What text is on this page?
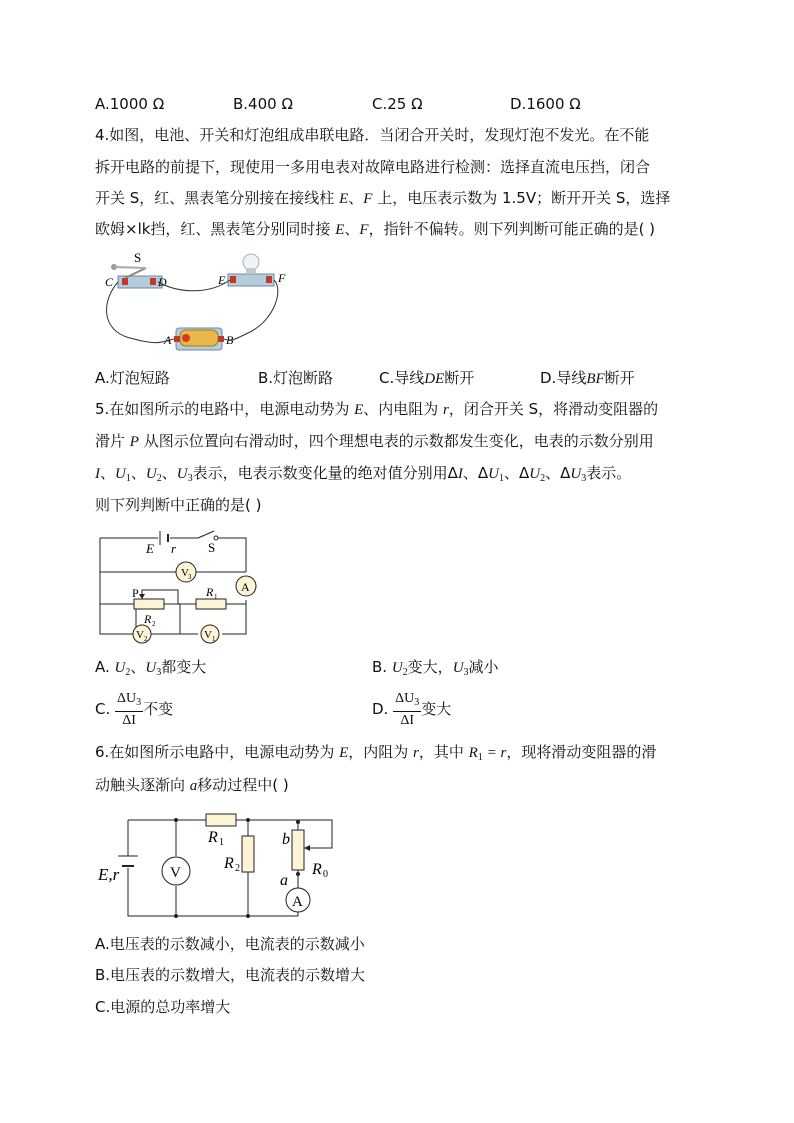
A.1000 Ω	B.400 Ω	C.25 Ω	D.1600 Ω
4.如图，电池、开关和灯泡组成串联电路．当闭合开关时，发现灯泡不发光。在不能
拆开电路的前提下，现使用一多用电表对故障电路进行检测：选择直流电压挡，闭合
开关 S，红、黑表笔分别接在接线柱 E、F 上，电压表示数为 1.5V；断开开关 S，选择
欧姆×lk挡，红、黑表笔分别同时接 E、F，指针不偏转。则下列判断可能正确的是( )
S
C	D	E	F
A	B
A.灯泡短路	B.灯泡断路	C.导线DE断开	D.导线BF断开
5.在如图所示的电路中，电源电动势为 E、内电阻为 r，闭合开关 S，将滑动变阻器的
滑片 P 从图示位置向右滑动时，四个理想电表的示数都发生变化，电表的示数分别用
I、$U_1$、$U_2$、$U_3$表示，电表示数变化量的绝对值分别用ΔI、$\Delta U_1$、$\Delta U_2$、$\Delta U_3$表示。
则下列判断中正确的是( )
E r S
V 3
A
P
R 2
R 1
V 2	V 1
A. $U_2$、$U_3$都变大	B. $U_2$变大，$U_3$减小
C. $\frac{\Delta U_3}{\Delta I}$ 不变	D. $\frac{\Delta U_3}{\Delta I}$ 变大
6.在如图所示电路中，电源电动势为 E，内阻为 r，其中 $R_1 = r$，现将滑动变阻器的滑
动触头逐渐向 a移动过程中( )
E,r	V
R 1
R 2
b
a
R 0
A
A.电压表的示数减小，电流表的示数减小
B.电压表的示数增大，电流表的示数增大
C.电源的总功率增大
